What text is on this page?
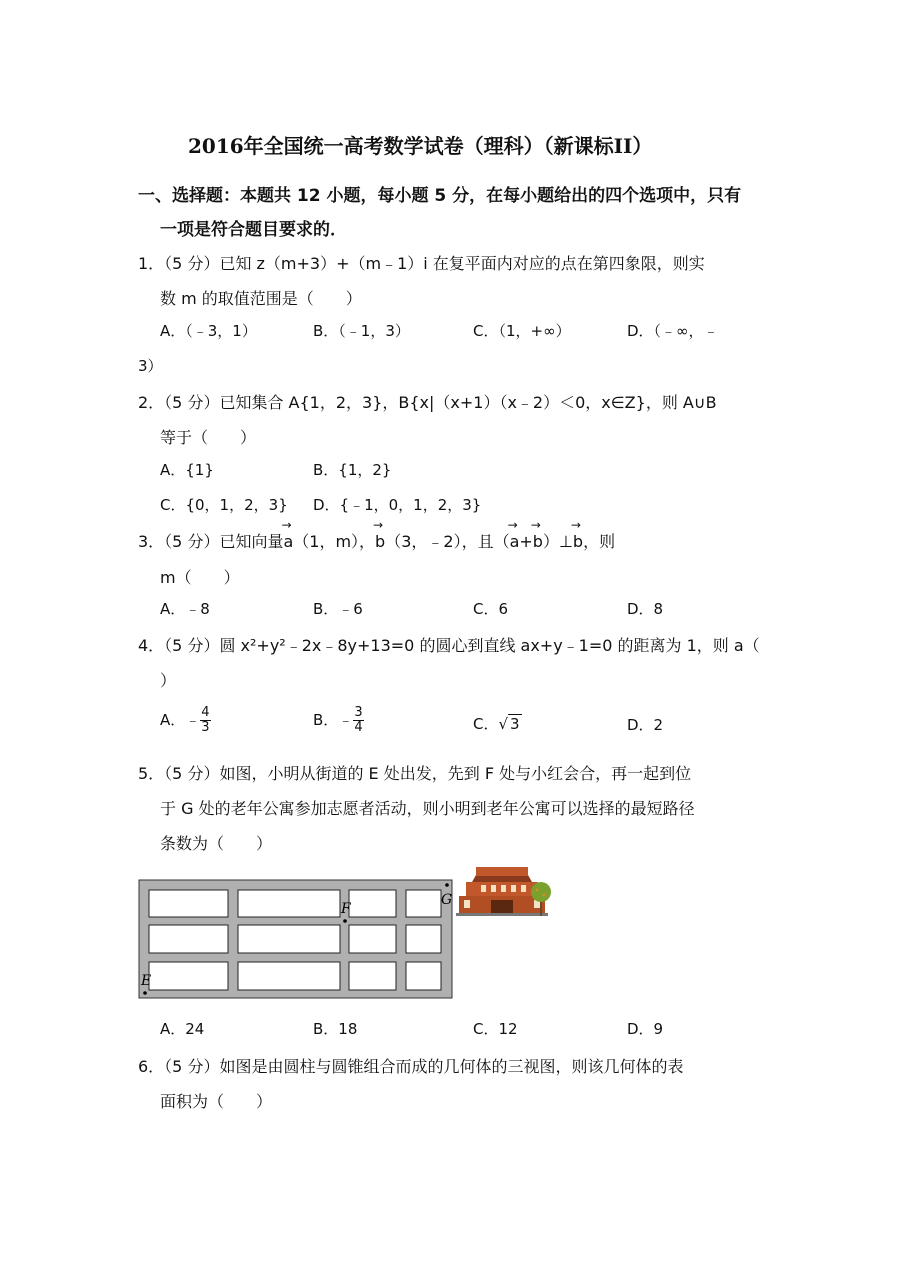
2016年全国统一高考数学试卷（理科）（新课标II）
一、选择题：本题共 12 小题，每小题 5 分，在每小题给出的四个选项中，只有
一项是符合题目要求的．
1．（5 分）已知 z（m+3）+（m﹣1）i 在复平面内对应的点在第四象限，则实
数 m 的取值范围是（　　）
A．（﹣3，1）	B．（﹣1，3）	C．（1，+∞）	D．（﹣∞，﹣
3）
2．（5 分）已知集合 A{1，2，3}，B{x|（x+1）（x﹣2）＜0，x∈Z}，则 A∪B
等于（　　）
A．{1}	B．{1，2}
C．{0，1，2，3} D．{﹣1，0，1，2，3}
3．（5 分）已知向量→ a（1，m），→ b（3，﹣2），且（→ a+→ b）⊥→ b，则
m（　　）
A．﹣8	B．﹣6	C．6	D．8
4．（5 分）圆 x²+y²﹣2x﹣8y+13=0 的圆心到直线 ax+y﹣1=0 的距离为 1，则 a（
）
A．﹣ $\frac{4}{3}$	B．﹣ $\frac{3}{4}$	C．√ 3	D．2
5．（5 分）如图，小明从街道的 E 处出发，先到 F 处与小红会合，再一起到位
于 G 处的老年公寓参加志愿者活动，则小明到老年公寓可以选择的最短路径
条数为（　　）
E
F
G
A．24	B．18	C．12	D．9
6．（5 分）如图是由圆柱与圆锥组合而成的几何体的三视图，则该几何体的表
面积为（　　）
